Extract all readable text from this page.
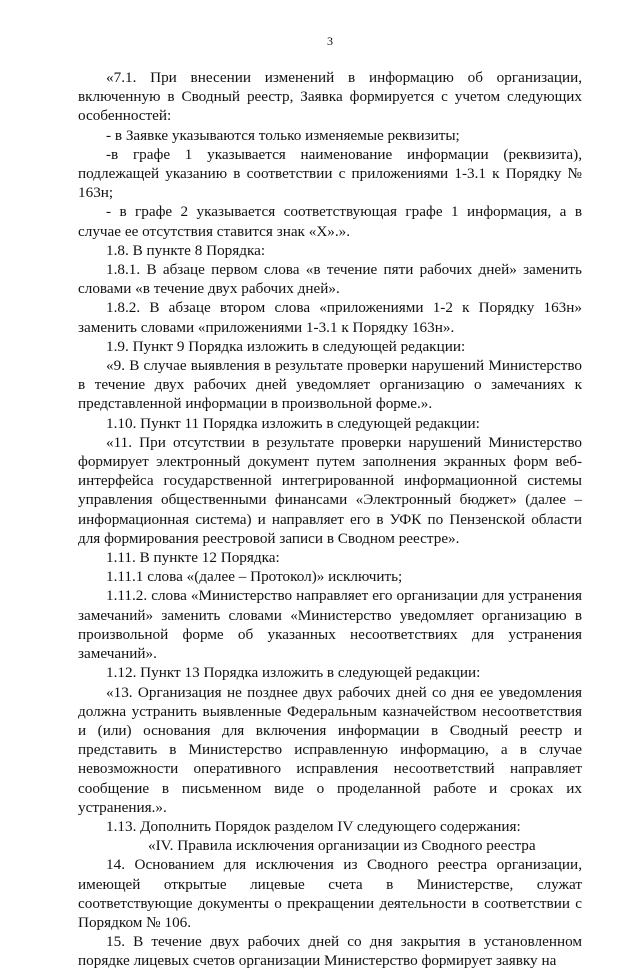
3

«7.1. При внесении изменений в информацию об организации, включенную в Сводный реестр, Заявка формируется с учетом следующих особенностей:

- в Заявке указываются только изменяемые реквизиты;

-в графе 1 указывается наименование информации (реквизита), подлежащей указанию в соответствии с приложениями 1-3.1 к Порядку № 163н;

- в графе 2 указывается соответствующая графе 1 информация, а в случае ее отсутствия ставится знак «Х».».

1.8. В пункте 8 Порядка:

1.8.1. В абзаце первом слова «в течение пяти рабочих дней» заменить словами «в течение двух рабочих дней».

1.8.2. В абзаце втором слова «приложениями 1-2 к Порядку 163н» заменить словами «приложениями 1-3.1 к Порядку 163н».

1.9. Пункт 9 Порядка изложить в следующей редакции:

«9. В случае выявления в результате проверки нарушений Министерство в течение двух рабочих дней уведомляет организацию о замечаниях к представленной информации в произвольной форме.».

1.10. Пункт 11 Порядка изложить в следующей редакции:

«11. При отсутствии в результате проверки нарушений Министерство формирует электронный документ путем заполнения экранных форм веб-интерфейса государственной интегрированной информационной системы управления общественными финансами «Электронный бюджет» (далее – информационная система) и направляет его в УФК по Пензенской области для формирования реестровой записи в Сводном реестре».

1.11. В пункте 12 Порядка:

1.11.1 слова «(далее – Протокол)» исключить;

1.11.2. слова «Министерство направляет его организации для устранения замечаний» заменить словами «Министерство уведомляет организацию в произвольной форме об указанных несоответствиях для устранения замечаний».

1.12. Пункт 13 Порядка изложить в следующей редакции:

«13. Организация не позднее двух рабочих дней со дня ее уведомления должна устранить выявленные Федеральным казначейством несоответствия и (или) основания для включения информации в Сводный реестр и представить в Министерство исправленную информацию, а в случае невозможности оперативного исправления несоответствий направляет сообщение в письменном виде о проделанной работе и сроках их устранения.».

1.13. Дополнить Порядок разделом IV следующего содержания:

«IV. Правила исключения организации из Сводного реестра

14. Основанием для исключения из Сводного реестра организации, имеющей открытые лицевые счета в Министерстве, служат соответствующие документы о прекращении деятельности в соответствии с Порядком № 106.

15. В течение двух рабочих дней со дня закрытия в установленном порядке лицевых счетов организации Министерство формирует заявку на
